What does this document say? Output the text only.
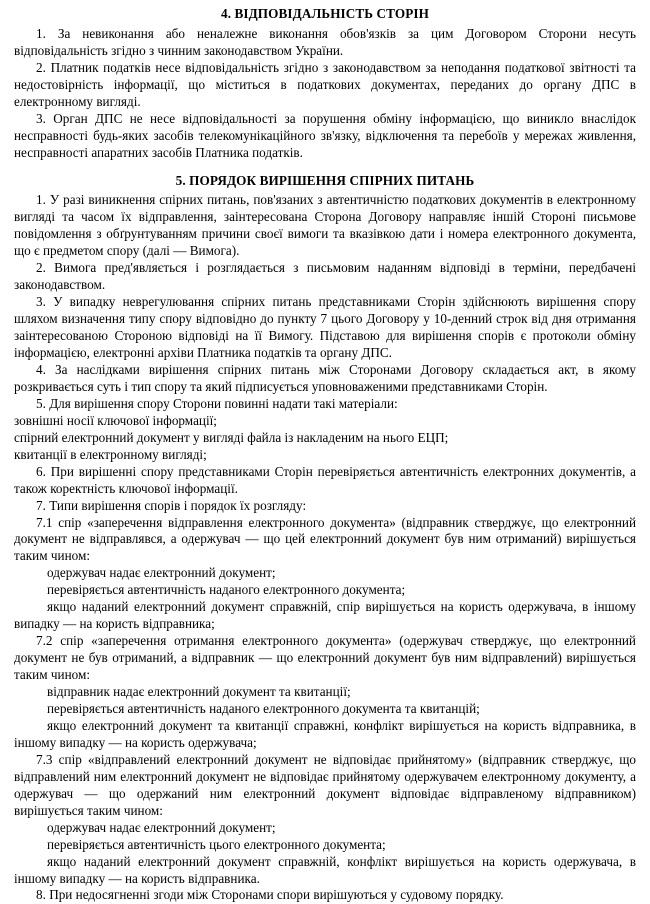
4. ВІДПОВІДАЛЬНІСТЬ СТОРІН

1. За невиконання або неналежне виконання обов'язків за цим Договором Сторони несуть відповідальність згідно з чинним законодавством України.

2. Платник податків несе відповідальність згідно з законодавством за неподання податкової звітності та недостовірність інформації, що міститься в податкових документах, переданих до органу ДПС в електронному вигляді.

3. Орган ДПС не несе відповідальності за порушення обміну інформацією, що виникло внаслідок несправності будь-яких засобів телекомунікаційного зв'язку, відключення та перебоїв у мережах живлення, несправності апаратних засобів Платника податків.

5. ПОРЯДОК ВИРІШЕННЯ СПІРНИХ ПИТАНЬ

1. У разі виникнення спірних питань, пов'язаних з автентичністю податкових документів в електронному вигляді та часом їх відправлення, заінтересована Сторона Договору направляє іншій Стороні письмове повідомлення з обґрунтуванням причини своєї вимоги та вказівкою дати і номера електронного документа, що є предметом спору (далі — Вимога).

2. Вимога пред'являється і розглядається з письмовим наданням відповіді в терміни, передбачені законодавством.

3. У випадку неврегулювання спірних питань представниками Сторін здійснюють вирішення спору шляхом визначення типу спору відповідно до пункту 7 цього Договору у 10-денний строк від дня отримання заінтересованою Стороною відповіді на її Вимогу. Підставою для вирішення спорів є протоколи обміну інформацією, електронні архіви Платника податків та органу ДПС.

4. За наслідками вирішення спірних питань між Сторонами Договору складається акт, в якому розкривається суть і тип спору та який підписується уповноваженими представниками Сторін.

5. Для вирішення спору Сторони повинні надати такі матеріали:

зовнішні носії ключової інформації;

спірний електронний документ у вигляді файла із накладеним на нього ЕЦП;

квитанції в електронному вигляді;

6. При вирішенні спору представниками Сторін перевіряється автентичність електронних документів, а також коректність ключової інформації.

7. Типи вирішення спорів і порядок їх розгляду:

7.1 спір «заперечення відправлення електронного документа» (відправник стверджує, що електронний документ не відправлявся, а одержувач — що цей електронний документ був ним отриманий) вирішується таким чином:

одержувач надає електронний документ;

перевіряється автентичність наданого електронного документа;

якщо наданий електронний документ справжній, спір вирішується на користь одержувача, в іншому випадку — на користь відправника;

7.2 спір «заперечення отримання електронного документа» (одержувач стверджує, що електронний документ не був отриманий, а відправник — що електронний документ був ним відправлений) вирішується таким чином:

відправник надає електронний документ та квитанції;

перевіряється автентичність наданого електронного документа та квитанцій;

якщо електронний документ та квитанції справжні, конфлікт вирішується на користь відправника, в іншому випадку — на користь одержувача;

7.3 спір «відправлений електронний документ не відповідає прийнятому» (відправник стверджує, що відправлений ним електронний документ не відповідає прийнятому одержувачем електронному документу, а одержувач — що одержаний ним електронний документ відповідає відправленому відправником) вирішується таким чином:

одержувач надає електронний документ;

перевіряється автентичність цього електронного документа;

якщо наданий електронний документ справжній, конфлікт вирішується на користь одержувача, в іншому випадку — на користь відправника.

8. При недосягненні згоди між Сторонами спори вирішуються у судовому порядку.
